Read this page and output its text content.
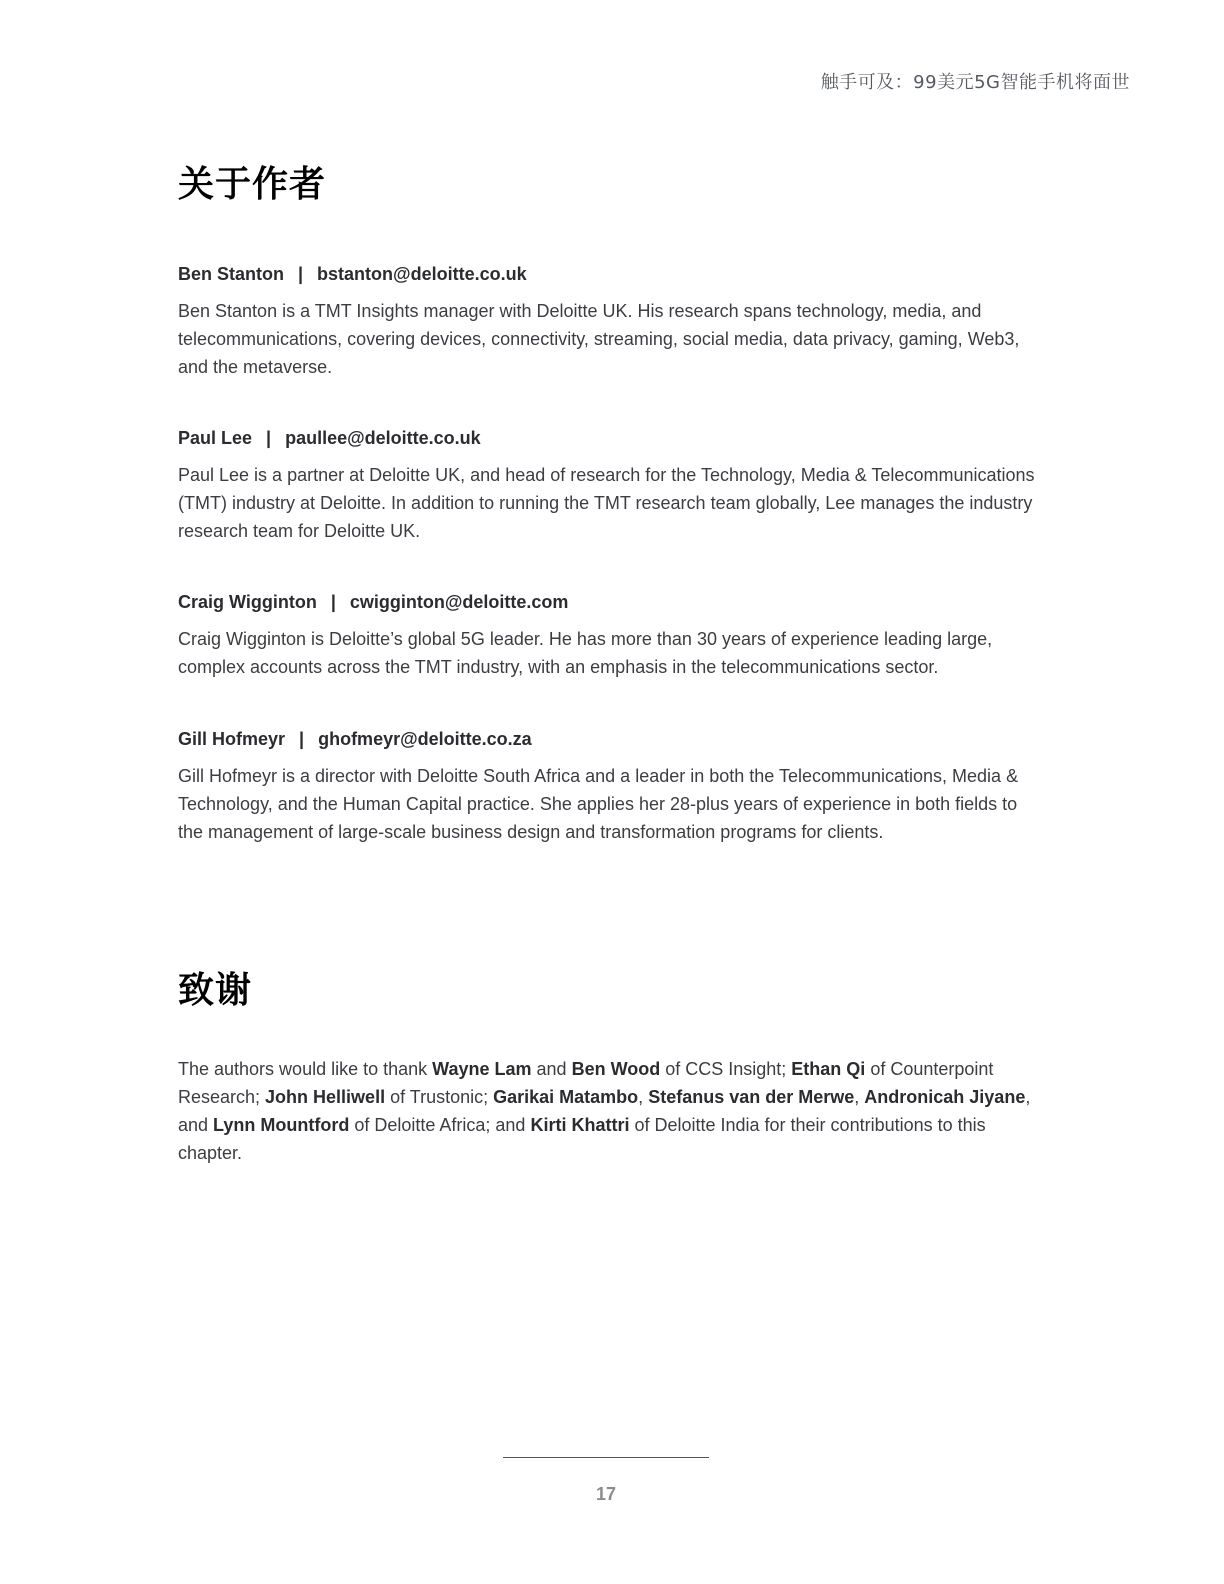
触手可及：99美元5G智能手机将面世
关于作者

Ben Stanton | bstanton@deloitte.co.uk

Ben Stanton is a TMT Insights manager with Deloitte UK. His research spans technology, media, and telecommunications, covering devices, connectivity, streaming, social media, data privacy, gaming, Web3, and the metaverse.

Paul Lee | paullee@deloitte.co.uk

Paul Lee is a partner at Deloitte UK, and head of research for the Technology, Media & Telecommunications (TMT) industry at Deloitte. In addition to running the TMT research team globally, Lee manages the industry research team for Deloitte UK.

Craig Wigginton | cwigginton@deloitte.com

Craig Wigginton is Deloitte’s global 5G leader. He has more than 30 years of experience leading large, complex accounts across the TMT industry, with an emphasis in the telecommunications sector.

Gill Hofmeyr | ghofmeyr@deloitte.co.za

Gill Hofmeyr is a director with Deloitte South Africa and a leader in both the Telecommunications, Media & Technology, and the Human Capital practice. She applies her 28-plus years of experience in both fields to the management of large-scale business design and transformation programs for clients.

致谢

The authors would like to thank Wayne Lam and Ben Wood of CCS Insight; Ethan Qi of Counterpoint Research; John Helliwell of Trustonic; Garikai Matambo, Stefanus van der Merwe, Andronicah Jiyane, and Lynn Mountford of Deloitte Africa; and Kirti Khattri of Deloitte India for their contributions to this chapter.

17
